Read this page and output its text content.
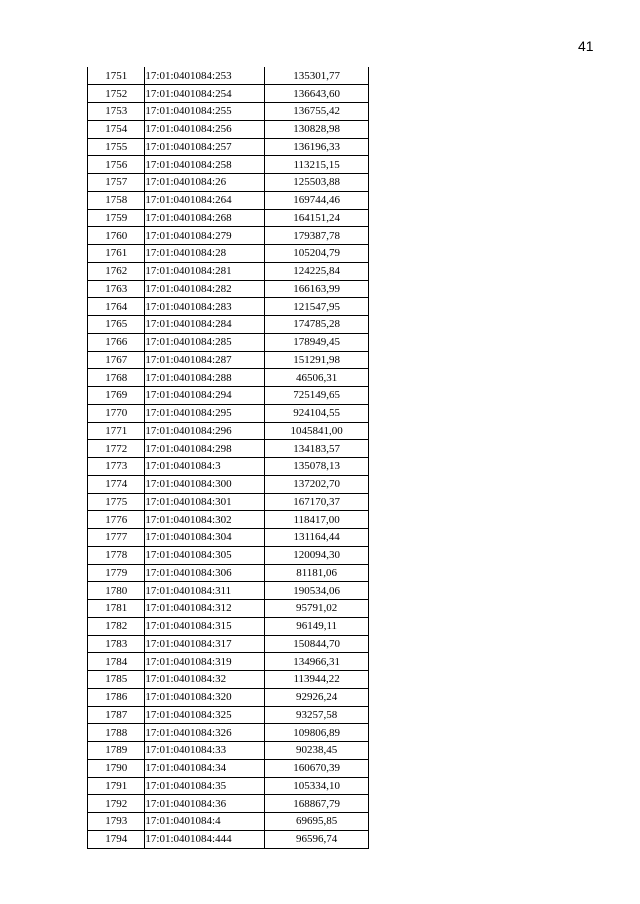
41
1751	17:01:0401084:253	135301,77
1752	17:01:0401084:254	136643,60
1753	17:01:0401084:255	136755,42
1754	17:01:0401084:256	130828,98
1755	17:01:0401084:257	136196,33
1756	17:01:0401084:258	113215,15
1757	17:01:0401084:26	125503,88
1758	17:01:0401084:264	169744,46
1759	17:01:0401084:268	164151,24
1760	17:01:0401084:279	179387,78
1761	17:01:0401084:28	105204,79
1762	17:01:0401084:281	124225,84
1763	17:01:0401084:282	166163,99
1764	17:01:0401084:283	121547,95
1765	17:01:0401084:284	174785,28
1766	17:01:0401084:285	178949,45
1767	17:01:0401084:287	151291,98
1768	17:01:0401084:288	46506,31
1769	17:01:0401084:294	725149,65
1770	17:01:0401084:295	924104,55
1771	17:01:0401084:296	1045841,00
1772	17:01:0401084:298	134183,57
1773	17:01:0401084:3	135078,13
1774	17:01:0401084:300	137202,70
1775	17:01:0401084:301	167170,37
1776	17:01:0401084:302	118417,00
1777	17:01:0401084:304	131164,44
1778	17:01:0401084:305	120094,30
1779	17:01:0401084:306	81181,06
1780	17:01:0401084:311	190534,06
1781	17:01:0401084:312	95791,02
1782	17:01:0401084:315	96149,11
1783	17:01:0401084:317	150844,70
1784	17:01:0401084:319	134966,31
1785	17:01:0401084:32	113944,22
1786	17:01:0401084:320	92926,24
1787	17:01:0401084:325	93257,58
1788	17:01:0401084:326	109806,89
1789	17:01:0401084:33	90238,45
1790	17:01:0401084:34	160670,39
1791	17:01:0401084:35	105334,10
1792	17:01:0401084:36	168867,79
1793	17:01:0401084:4	69695,85
1794	17:01:0401084:444	96596,74
